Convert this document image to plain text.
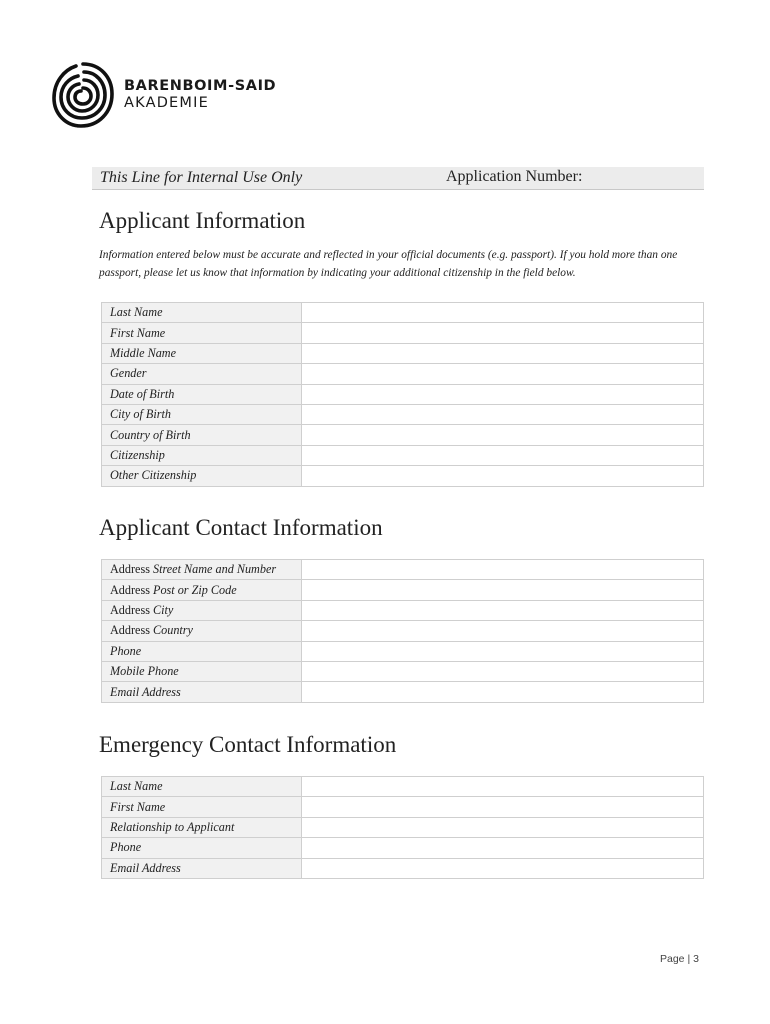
BARENBOIM-SAID
AKADEMIE
This Line for Internal Use Only	Application Number:
Applicant Information
Information entered below must be accurate and reflected in your official documents (e.g. passport). If you hold more than one passport, please let us know that information by indicating your additional citizenship in the field below.
Last Name	
First Name	
Middle Name	
Gender	
Date of Birth	
City of Birth	
Country of Birth	
Citizenship	
Other Citizenship	
Applicant Contact Information
Address Street Name and Number	
Address Post or Zip Code	
Address City	
Address Country	
Phone	
Mobile Phone	
Email Address	
Emergency Contact Information
Last Name	
First Name	
Relationship to Applicant	
Phone	
Email Address	
Page | 3
